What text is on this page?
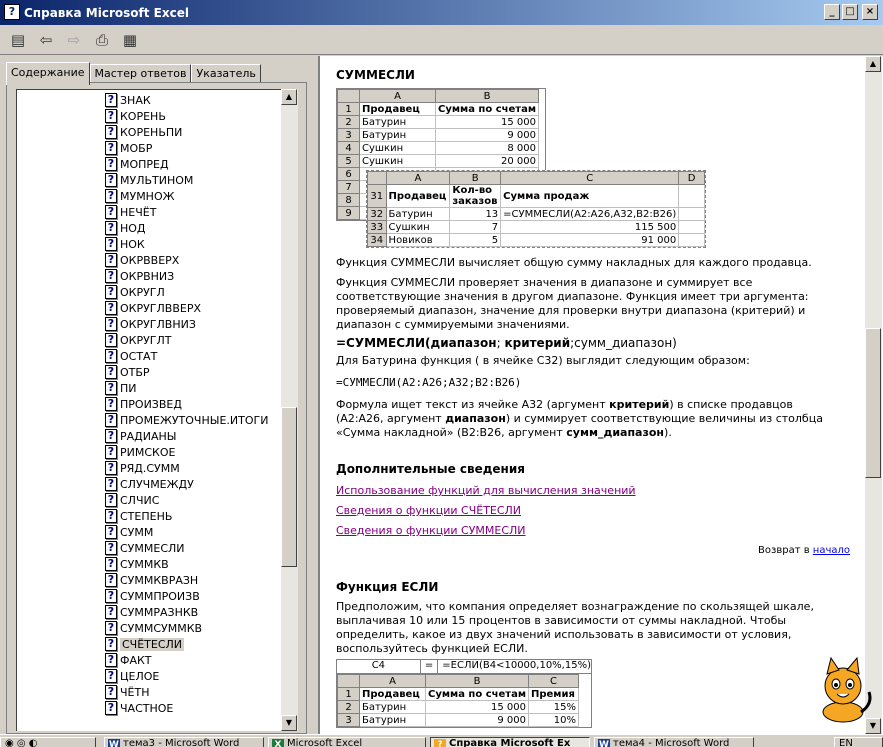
? Справка Microsoft Excel	_	□	×
▤ ⇦	⇨	⎙ ▦
Содержание Мастер ответов Указатель
? ЗНАК
? КОРЕНЬ
? КОРЕНЬПИ
? МОБР
? МОПРЕД
? МУЛЬТИНОМ
? МУМНОЖ
? НЕЧЁТ
? НОД
? НОК
? ОКРВВЕРХ
? ОКРВНИЗ
? ОКРУГЛ
? ОКРУГЛВВЕРХ
? ОКРУГЛВНИЗ
? ОКРУГЛТ
? ОСТАТ
? ОТБР
? ПИ
? ПРОИЗВЕД
? ПРОМЕЖУТОЧНЫЕ.ИТОГИ
? РАДИАНЫ
? РИМСКОЕ
? РЯД.СУММ
? СЛУЧМЕЖДУ
? СЛЧИС
? СТЕПЕНЬ
? СУММ
? СУММЕСЛИ
? СУММКВ
? СУММКВРАЗН
? СУММПРОИЗВ
? СУММРАЗНКВ
? СУММСУММКВ
? СЧЁТЕСЛИ
? ФАКТ
? ЦЕЛОЕ
? ЧЁТН
? ЧАСТНОЕ
▲
▼
СУММЕСЛИ
	A	B
1	Продавец	Сумма по счетам
2	Батурин	15 000
3	Батурин	9 000
4	Сушкин	8 000
5	Сушкин	20 000
6		
7		
8		
9		
	A	B	C	D
31	Продавец	Кол-во заказов	Сумма продаж	
32	Батурин	13	=СУММЕСЛИ(A2:A26,A32,B2:B26)	
33	Сушкин	7	115 500	
34	Новиков	5	91 000	
Функция СУММЕСЛИ вычисляет общую сумму накладных для каждого продавца.
Функция СУММЕСЛИ проверяет значения в диапазоне и суммирует все соответствующие значения в другом диапазоне. Функция имеет три аргумента: проверяемый диапазон, значение для проверки внутри диапазона (критерий) и диапазон с суммируемыми значениями.
=СУММЕСЛИ(диапазон; критерий;сумм_диапазон)
Для Батурина функция ( в ячейке C32) выглядит следующим образом:
=СУММЕСЛИ(A2:A26;A32;B2:B26)
Формула ищет текст из ячейке A32 (аргумент критерий) в списке продавцов (A2:A26, аргумент диапазон) и суммирует соответствующие величины из столбца «Сумма накладной» (B2:B26, аргумент сумм_диапазон).
Дополнительные сведения
Использование функций для вычисления значений
Сведения о функции СЧЁТЕСЛИ
Сведения о функции СУММЕСЛИ
Возврат в начало
Функция ЕСЛИ
Предположим, что компания определяет вознаграждение по скользящей шкале, выплачивая 10 или 15 процентов в зависимости от суммы накладной. Чтобы определить, какое из двух значений использовать в зависимости от условия, воспользуйтесь функцией ЕСЛИ.
C4	= =ЕСЛИ(B4<10000,10%,15%)
	A	B	C
1	Продавец	Сумма по счетам	Премия
2	Батурин	15 000	15%
3	Батурин	9 000	10%
▲
▼
◉ ◎ ◐	W тема3 - Microsoft Word	X Microsoft Excel	? Справка Microsoft Ex	W тема4 - Microsoft Word	EN
